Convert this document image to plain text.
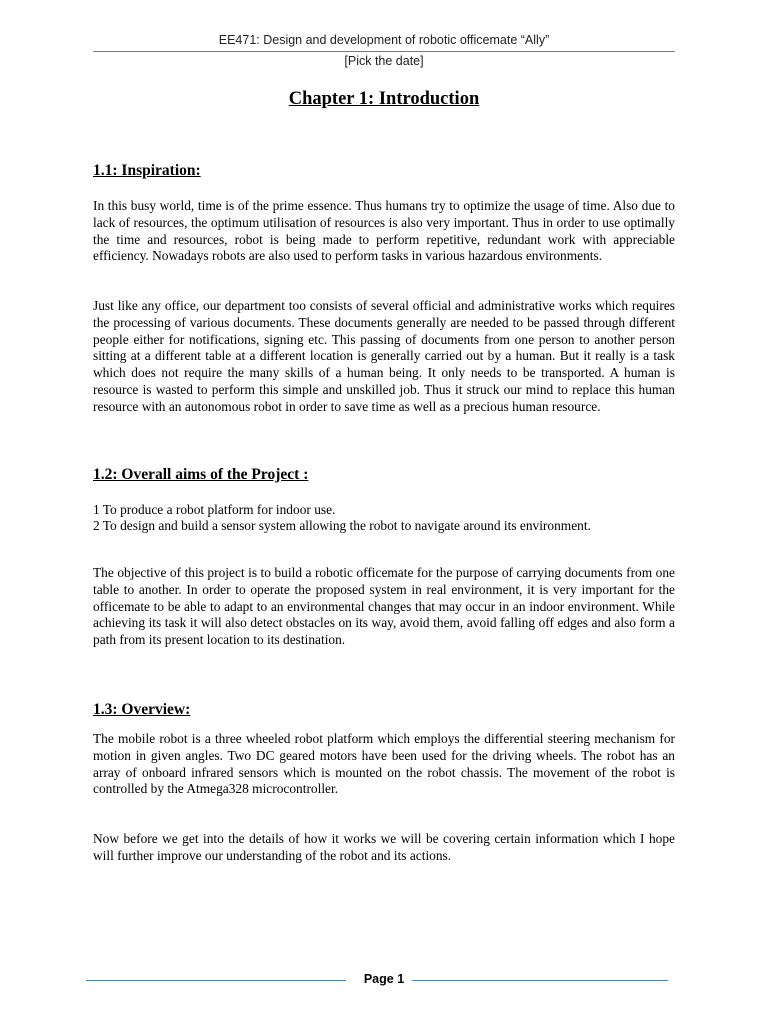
EE471: Design and development of robotic officemate “Ally”
[Pick the date]
Chapter 1: Introduction
1.1: Inspiration:

In this busy world, time is of the prime essence. Thus humans try to optimize the usage of time. Also due to lack of resources, the optimum utilisation of resources is also very important. Thus in order to use optimally the time and resources, robot is being made to perform repetitive, redundant work with appreciable efficiency. Nowadays robots are also used to perform tasks in various hazardous environments.

Just like any office, our department too consists of several official and administrative works which requires the processing of various documents. These documents generally are needed to be passed through different people either for notifications, signing etc. This passing of documents from one person to another person sitting at a different table at a different location is generally carried out by a human. But it really is a task which does not require the many skills of a human being. It only needs to be transported. A human is resource is wasted to perform this simple and unskilled job. Thus it struck our mind to replace this human resource with an autonomous robot in order to save time as well as a precious human resource.

1.2: Overall aims of the Project :
1 To produce a robot platform for indoor use.
2 To design and build a sensor system allowing the robot to navigate around its environment.

The objective of this project is to build a robotic officemate for the purpose of carrying documents from one table to another. In order to operate the proposed system in real environment, it is very important for the officemate to be able to adapt to an environmental changes that may occur in an indoor environment. While achieving its task it will also detect obstacles on its way, avoid them, avoid falling off edges and also form a path from its present location to its destination.

1.3: Overview:

The mobile robot is a three wheeled robot platform which employs the differential steering mechanism for motion in given angles. Two DC geared motors have been used for the driving wheels. The robot has an array of onboard infrared sensors which is mounted on the robot chassis. The movement of the robot is controlled by the Atmega328 microcontroller.

Now before we get into the details of how it works we will be covering certain information which I hope will further improve our understanding of the robot and its actions.

Page 1
